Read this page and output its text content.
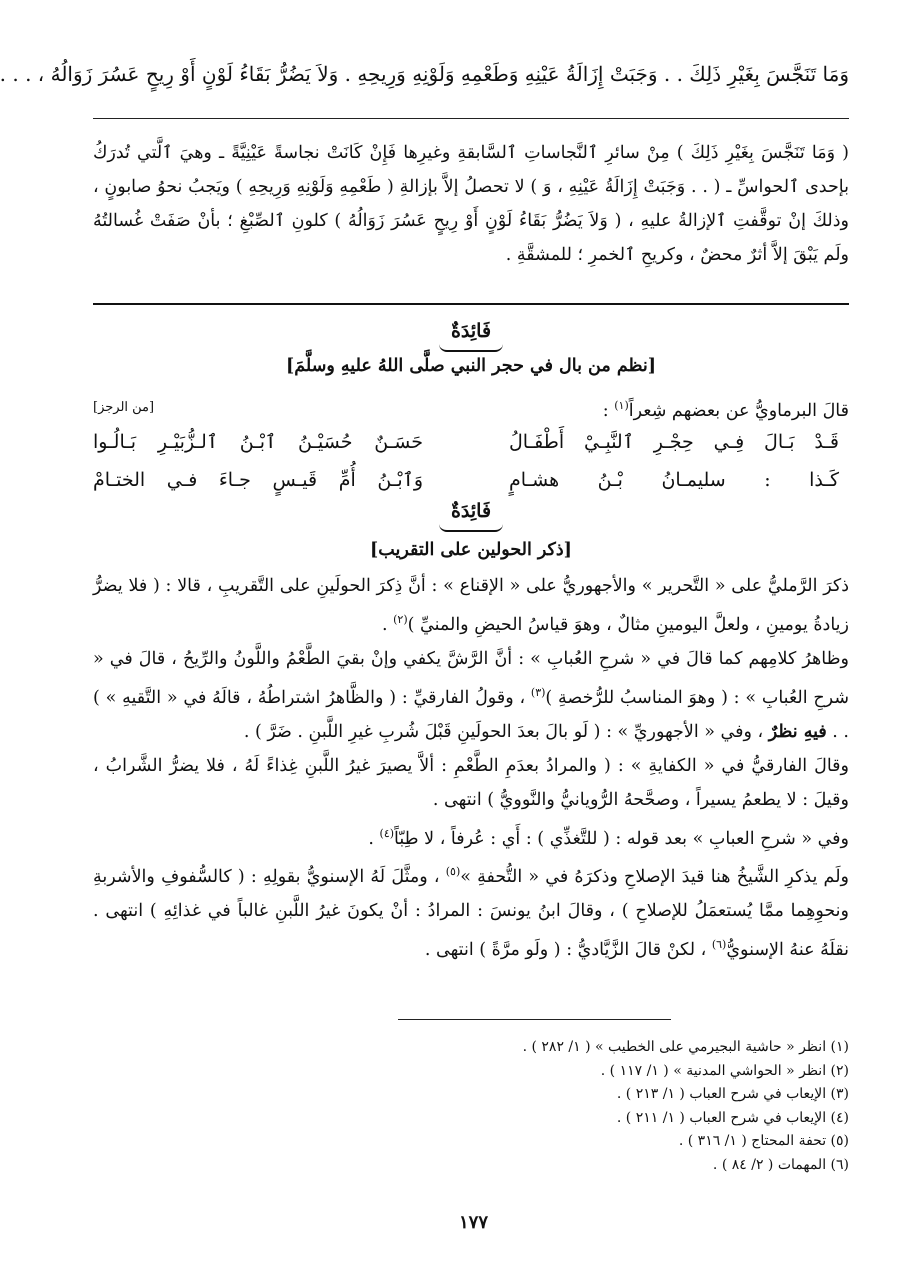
وَمَا تَنَجَّسَ بِغَيْرِ ذَلِكَ . . وَجَبَتْ إِزَالَةُ عَيْنِهِ وَطَعْمِهِ وَلَوْنِهِ وَرِيحِهِ . وَلاَ يَضُرُّ بَقَاءُ لَوْنٍ أَوْ رِيحٍ عَسُرَ زَوَالُهُ ، . . .
( وَمَا تَنَجَّسَ بِغَيْرِ ذَلِكَ ) مِنْ سائرِ ٱلنَّجاساتِ ٱلسَّابقةِ وغيرِها فَإِنْ كَانَتْ نجاسةً عَيْنِيَّةً ـ وهيَ ٱلَّتي تُدرَكُ بإحدى ٱلحواسِّ ـ ( . . وَجَبَتْ إِزَالَةُ عَيْنِهِ ، وَ ) لا تحصلُ إلاَّ بإزالةِ ( طَعْمِهِ وَلَوْنِهِ وَرِيحِهِ ) ويَجبُ نحوُ صابونٍ ، وذلكَ إنْ توقَّفتِ ٱلإزالةُ عليهِ ، ( وَلاَ يَضُرُّ بَقَاءُ لَوْنٍ أَوْ رِيحٍ عَسُرَ زَوَالُهُ ) كلونِ ٱلصِّبْغِ ؛ بأنْ صَفَتْ غُسالتُهُ ولَم يَبْقَ إلاَّ أثرٌ محضٌ ، وكريحِ ٱلخمرِ ؛ للمشقَّةِ .
فَائِدَةٌ
[نظم من بال في حجر النبي صلَّى اللهُ عليهِ وسلَّمَ]
قالَ البرماويُّ عن بعضهم شِعراً$^{(١)}$ :
[من الرجز]
قَـدْ بَـالَ فِـي حِجْـرِ ٱلنَّبِـيْ أَطْفَـالُ
حَسَـنٌ حُسَيْـنُ ٱبْـنُ ٱلـزُّبَيْـرِ بَـالُـوا
كَـذا : سليمـانُ بْـنُ هشـامٍ
وَٱبْـنُ أُمِّ قَيـسٍ جـاءَ فـي الختـامْ
فَائِدَةٌ
[ذكر الحولين على التقريب]

ذكرَ الرَّمليُّ على « التَّحرير » والأجهوريُّ على « الإقناع » : أنَّ ذِكرَ الحولَينِ على التَّقريبِ ، قالا : ( فلا يضرُّ زيادةُ يومينِ ، ولعلَّ اليومينِ مثالٌ ، وهوَ قياسُ الحيضِ والمنيِّ )$^{(٢)}$ .

وظاهرُ كلامِهم كما قالَ في « شرحِ العُبابِ » : أنَّ الرَّشَّ يكفي وإنْ بقيَ الطَّعْمُ واللَّونُ والرِّيحُ ، قالَ في « شرحِ العُبابِ » : ( وهوَ المناسبُ للرُّخصةِ )$^{(٣)}$ ، وقولُ الفارقيِّ : ( والظَّاهرُ اشتراطُهُ ، قالَهُ في « التَّقيهِ » ) . . فيهِ نظرٌ ، وفي « الأجهوريِّ » : ( لَو بالَ بعدَ الحولَينِ قَبْلَ شُربِ غيرِ اللَّبنِ . ضَرَّ ) .

وقالَ الفارقيُّ في « الكفايةِ » : ( والمرادُ بعدَمِ الطَّعْمِ : ألاَّ يصيرَ غيرُ اللَّبنِ غِذاءً لَهُ ، فلا يضرُّ الشَّرابُ ، وقيلَ : لا يطعمُ يسيراً ، وصحَّحهُ الرُّويانيُّ والنَّوويُّ ) انتهى .

وفي « شرحِ العبابِ » بعد قوله : ( للتَّغذِّي ) : أَي : عُرفاً ، لا طِبّاً$^{(٤)}$ .

ولَم يذكرِ الشَّيخُ هنا قيدَ الإصلاحِ وذكرَهُ في « التُّحفةِ »$^{(٥)}$ ، ومثَّلَ لَهُ الإسنويُّ بقولِهِ : ( كالسُّفوفِ والأشربةِ ونحوِهِما ممَّا يُستعمَلُ للإصلاحِ ) ، وقالَ ابنُ يونسَ : المرادُ : أنْ يكونَ غيرُ اللَّبنِ غالباً في غذائِهِ ) انتهى . نقلَهُ عنهُ الإسنويُّ$^{(٦)}$ ، لكنْ قالَ الزَّيَّاديُّ : ( ولَو مرَّةً ) انتهى .

(١) انظر « حاشية البجيرمي على الخطيب » ( ١/ ٢٨٢ ) .
(٢) انظر « الحواشي المدنية » ( ١/ ١١٧ ) .
(٣) الإيعاب في شرح العباب ( ١/ ٢١٣ ) .
(٤) الإيعاب في شرح العباب ( ١/ ٢١١ ) .
(٥) تحفة المحتاج ( ١/ ٣١٦ ) .
(٦) المهمات ( ٢/ ٨٤ ) .
١٧٧
